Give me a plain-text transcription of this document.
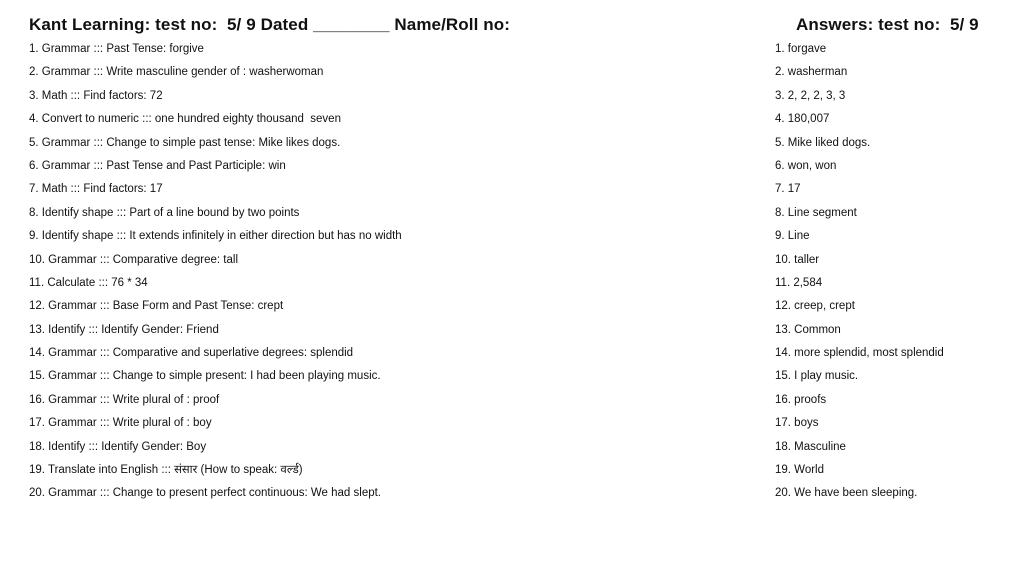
Kant Learning: test no:  5/ 9 Dated ________ Name/Roll no:	Answers: test no:  5/ 9
1. Grammar ::: Past Tense: forgive
2. Grammar ::: Write masculine gender of : washerwoman
3. Math ::: Find factors: 72
4. Convert to numeric ::: one hundred eighty thousand  seven
5. Grammar ::: Change to simple past tense: Mike likes dogs.
6. Grammar ::: Past Tense and Past Participle: win
7. Math ::: Find factors: 17
8. Identify shape ::: Part of a line bound by two points
9. Identify shape ::: It extends infinitely in either direction but has no width
10. Grammar ::: Comparative degree: tall
11. Calculate ::: 76 * 34
12. Grammar ::: Base Form and Past Tense: crept
13. Identify ::: Identify Gender: Friend
14. Grammar ::: Comparative and superlative degrees: splendid
15. Grammar ::: Change to simple present: I had been playing music.
16. Grammar ::: Write plural of : proof
17. Grammar ::: Write plural of : boy
18. Identify ::: Identify Gender: Boy
19. Translate into English ::: संसार (How to speak: वर्ल्ड)
20. Grammar ::: Change to present perfect continuous: We had slept.
1. forgave
2. washerman
3. 2, 2, 2, 3, 3
4. 180,007
5. Mike liked dogs.
6. won, won
7. 17
8. Line segment
9. Line
10. taller
11. 2,584
12. creep, crept
13. Common
14. more splendid, most splendid
15. I play music.
16. proofs
17. boys
18. Masculine
19. World
20. We have been sleeping.
